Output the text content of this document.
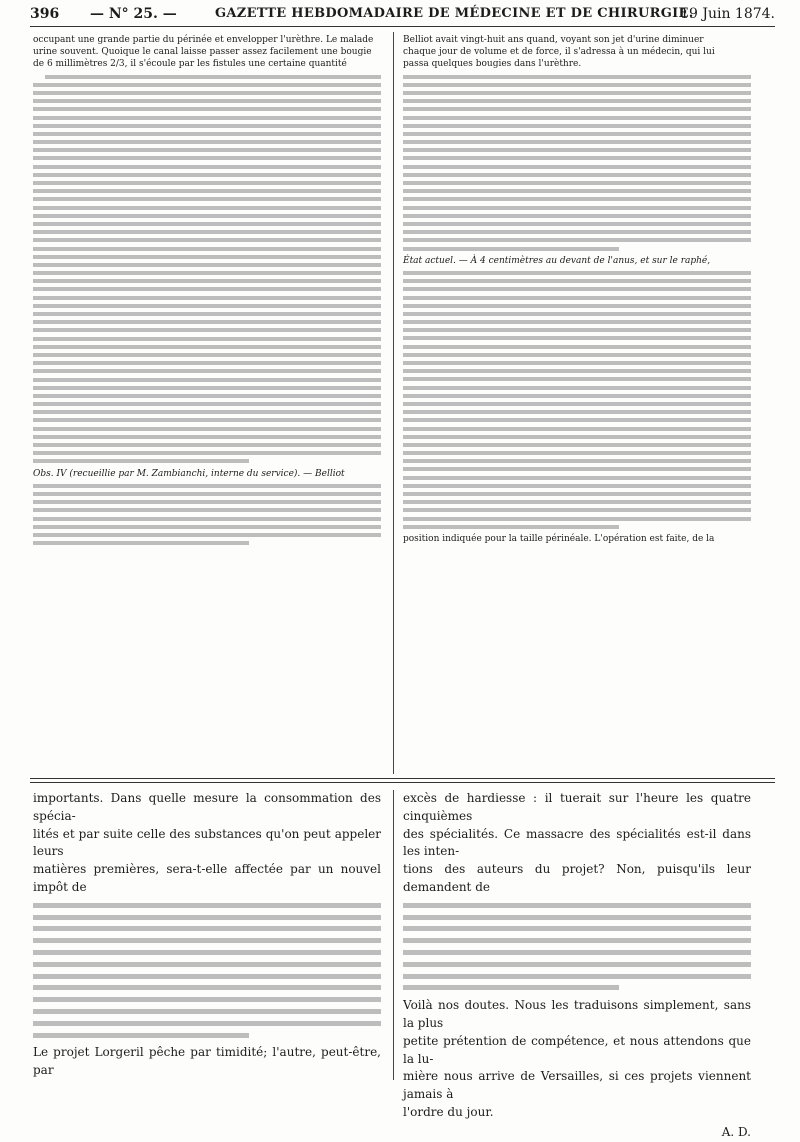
396 — N° 25. —	GAZETTE HEBDOMADAIRE DE MÉDECINE ET DE CHIRURGIE.
19 Juin 1874.
occupant une grande partie du périnée et envelopper l'urèthre. Le malade
urine souvent. Quoique le canal laisse passer assez facilement une bougie
de 6 millimètres 2/3, il s'écoule par les fistules une certaine quantité
Obs. IV (recueillie par M. Zambianchi, interne du service). — Belliot
Belliot avait vingt-huit ans quand, voyant son jet d'urine diminuer
chaque jour de volume et de force, il s'adressa à un médecin, qui lui
passa quelques bougies dans l'urèthre.
État actuel. — À 4 centimètres au devant de l'anus, et sur le raphé,
position indiquée pour la taille périnéale. L'opération est faite, de la
importants. Dans quelle mesure la consommation des spécia-
lités et par suite celle des substances qu'on peut appeler leurs
matières premières, sera-t-elle affectée par un nouvel impôt de
Le projet Lorgeril pêche par timidité; l'autre, peut-être, par
excès de hardiesse : il tuerait sur l'heure les quatre cinquièmes
des spécialités. Ce massacre des spécialités est-il dans les inten-
tions des auteurs du projet? Non, puisqu'ils leur demandent de
Voilà nos doutes. Nous les traduisons simplement, sans la plus
petite prétention de compétence, et nous attendons que la lu-
mière nous arrive de Versailles, si ces projets viennent jamais à
l'ordre du jour.
A. D.
